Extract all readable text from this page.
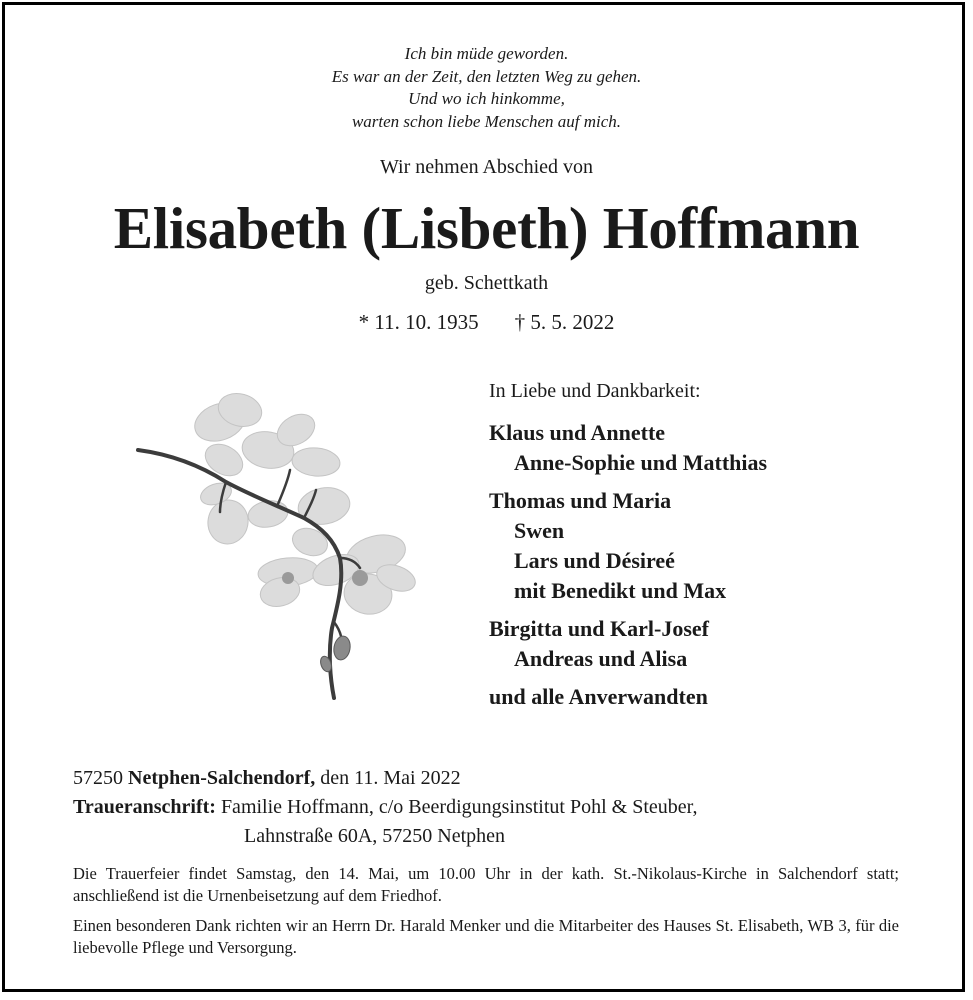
Ich bin müde geworden.
Es war an der Zeit, den letzten Weg zu gehen.
Und wo ich hinkomme,
warten schon liebe Menschen auf mich.
Wir nehmen Abschied von
Elisabeth (Lisbeth) Hoffmann
geb. Schettkath
* 11. 10. 1935 † 5. 5. 2022
In Liebe und Dankbarkeit:
Klaus und Annette
Anne-Sophie und Matthias
Thomas und Maria
Swen
Lars und Désireé
mit Benedikt und Max
Birgitta und Karl-Josef
Andreas und Alisa
und alle Anverwandten
57250 Netphen-Salchendorf, den 11. Mai 2022
Traueranschrift: Familie Hoffmann, c/o Beerdigungsinstitut Pohl & Steuber,
Lahnstraße 60A, 57250 Netphen

Die Trauerfeier findet Samstag, den 14. Mai, um 10.00 Uhr in der kath. St.-Nikolaus-Kirche in Salchendorf statt; anschließend ist die Urnenbeisetzung auf dem Friedhof.

Einen besonderen Dank richten wir an Herrn Dr. Harald Menker und die Mitarbeiter des Hauses St. Elisabeth, WB 3, für die liebevolle Pflege und Versorgung.
